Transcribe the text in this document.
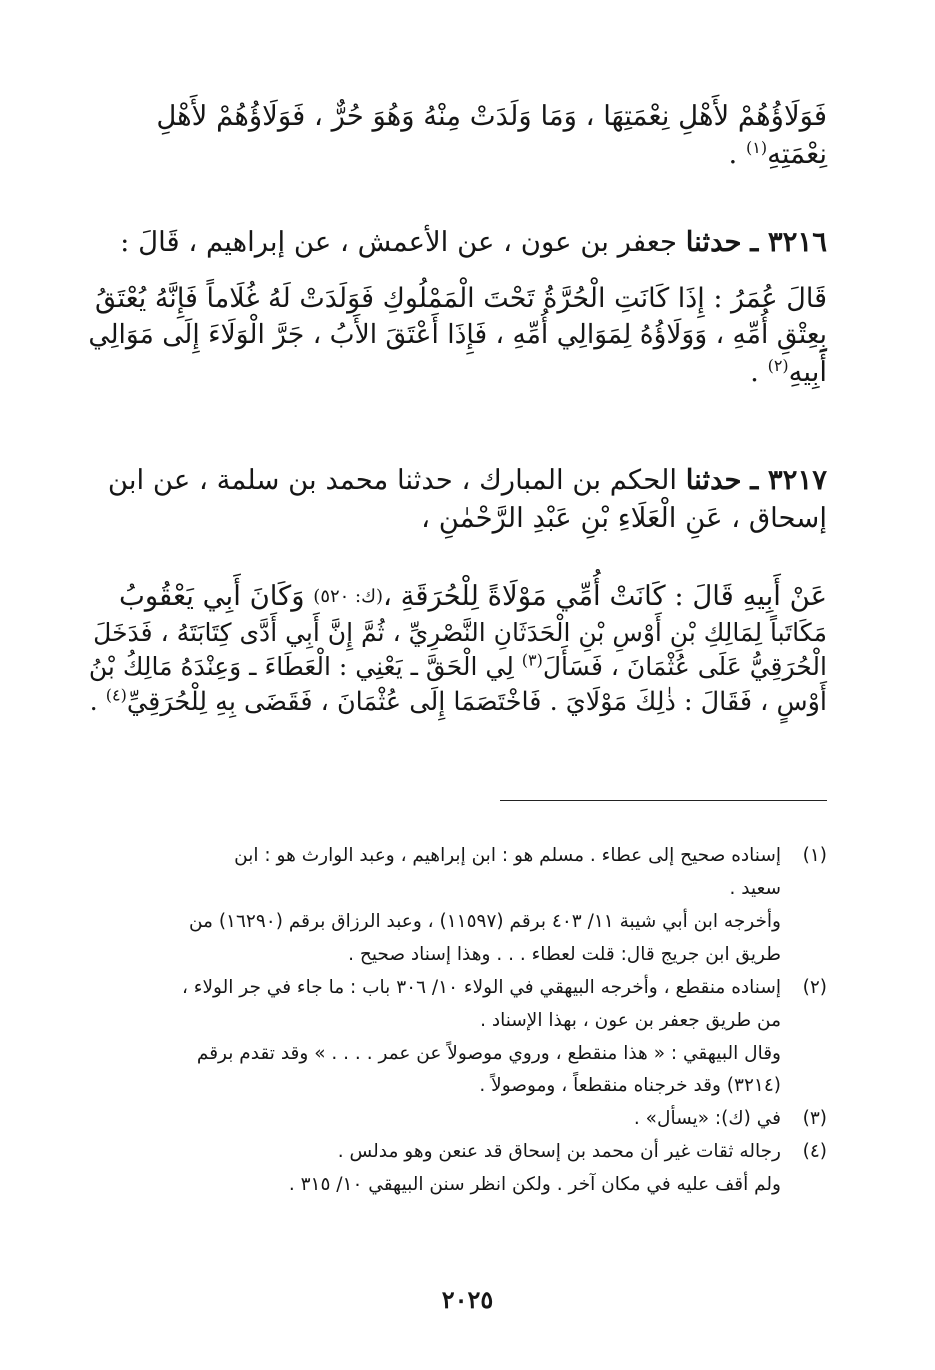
فَوَلَاؤُهُمْ لأَهْلِ نِعْمَتِهَا ، وَمَا وَلَدَتْ مِنْهُ وَهُوَ حُرٌّ ، فَوَلَاؤُهُمْ لأَهْلِ
نِعْمَتِهِ$^{(١)}$ .
٣٢١٦ ـ حدثنا جعفر بن عون ، عن الأعمش ، عن إبراهيم ، قَالَ :
قَالَ عُمَرُ : إِذَا كَانَتِ الْحُرَّةُ تَحْتَ الْمَمْلُوكِ فَوَلَدَتْ لَهُ غُلَاماً فَإِنَّهُ يُعْتَقُ
بِعِتْقِ أُمِّهِ ، وَوَلَاؤُهُ لِمَوَالِي أُمِّهِ ، فَإِذَا أَعْتَقَ الأَبُ ، جَرَّ الْوَلَاءَ إِلَى مَوَالِي
أَبِيهِ$^{(٢)}$ .
٣٢١٧ ـ حدثنا الحكم بن المبارك ، حدثنا محمد بن سلمة ، عن ابن
إسحاق ، عَنِ الْعَلَاءِ بْنِ عَبْدِ الرَّحْمٰنِ ،
عَنْ أَبِيهِ قَالَ : كَانَتْ أُمِّي مَوْلَاةً لِلْحُرَقَةِ ،(ك: ٥٢٠) وَكَانَ أَبِي يَعْقُوبُ
مَكَاتَباً لِمَالِكِ بْنِ أَوْسِ بْنِ الْحَدَثَانِ النَّصْرِيِّ ، ثُمَّ إِنَّ أَبِي أَدَّى كِتَابَتَهُ ، فَدَخَلَ
الْحُرَقِيُّ عَلَى عُثْمَانَ ، فَسَأَلَ$^{(٣)}$ لِي الْحَقَّ ـ يَعْنِي : الْعَطَاءَ ـ وَعِنْدَهُ مَالِكُ بْنُ
أَوْسٍ ، فَقَالَ : ذٰلِكَ مَوْلَايَ . فَاخْتَصَمَا إِلَى عُثْمَانَ ، فَقَضَى بِهِ لِلْحُرَقِيِّ$^{(٤)}$ .
(١)
إسناده صحيح إلى عطاء . مسلم هو : ابن إبراهيم ، وعبد الوارث هو : ابن
سعيد .
وأخرجه ابن أبي شيبة ١١/ ٤٠٣ برقم (١١٥٩٧) ، وعبد الرزاق برقم (١٦٢٩٠) من
طريق ابن جريج قال: قلت لعطاء . . . وهذا إسناد صحيح .
(٢)
إسناده منقطع ، وأخرجه البيهقي في الولاء ١٠/ ٣٠٦ باب : ما جاء في جر الولاء ،
من طريق جعفر بن عون ، بهذا الإسناد .
وقال البيهقي : « هذا منقطع ، وروي موصولاً عن عمر . . . . » وقد تقدم برقم
(٣٢١٤) وقد خرجناه منقطعاً ، وموصولاً .
(٣)
في (ك): «يسأل» .
(٤)
رجاله ثقات غير أن محمد بن إسحاق قد عنعن وهو مدلس .
ولم أقف عليه في مكان آخر . ولكن انظر سنن البيهقي ١٠/ ٣١٥ .
٢٠٢٥
